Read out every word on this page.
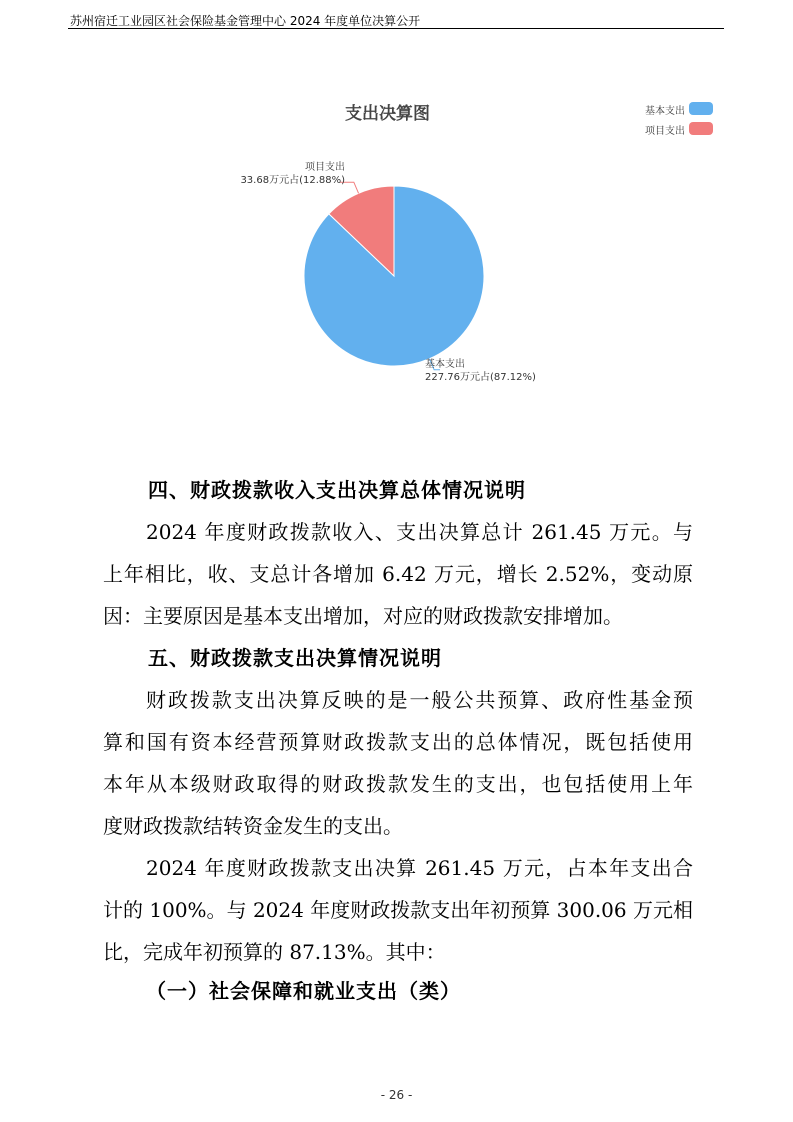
苏州宿迁工业园区社会保险基金管理中心 2024 年度单位决算公开
支出决算图	基本支出
项目支出
基本支出
227.76万元占(87.12%)
项目支出
33.68万元占(12.88%)
四、财政拨款收入支出决算总体情况说明
2024 年度财政拨款收入、支出决算总计 261.45 万元。与
上年相比，收、支总计各增加 6.42 万元，增长 2.52%，变动原
因：主要原因是基本支出增加，对应的财政拨款安排增加。
五、财政拨款支出决算情况说明
财政拨款支出决算反映的是一般公共预算、政府性基金预
算和国有资本经营预算财政拨款支出的总体情况，既包括使用
本年从本级财政取得的财政拨款发生的支出，也包括使用上年
度财政拨款结转资金发生的支出。
2024 年度财政拨款支出决算 261.45 万元，占本年支出合
计的 100%。与 2024 年度财政拨款支出年初预算 300.06 万元相
比，完成年初预算的 87.13%。其中：
（一）社会保障和就业支出（类）
- 26 -
